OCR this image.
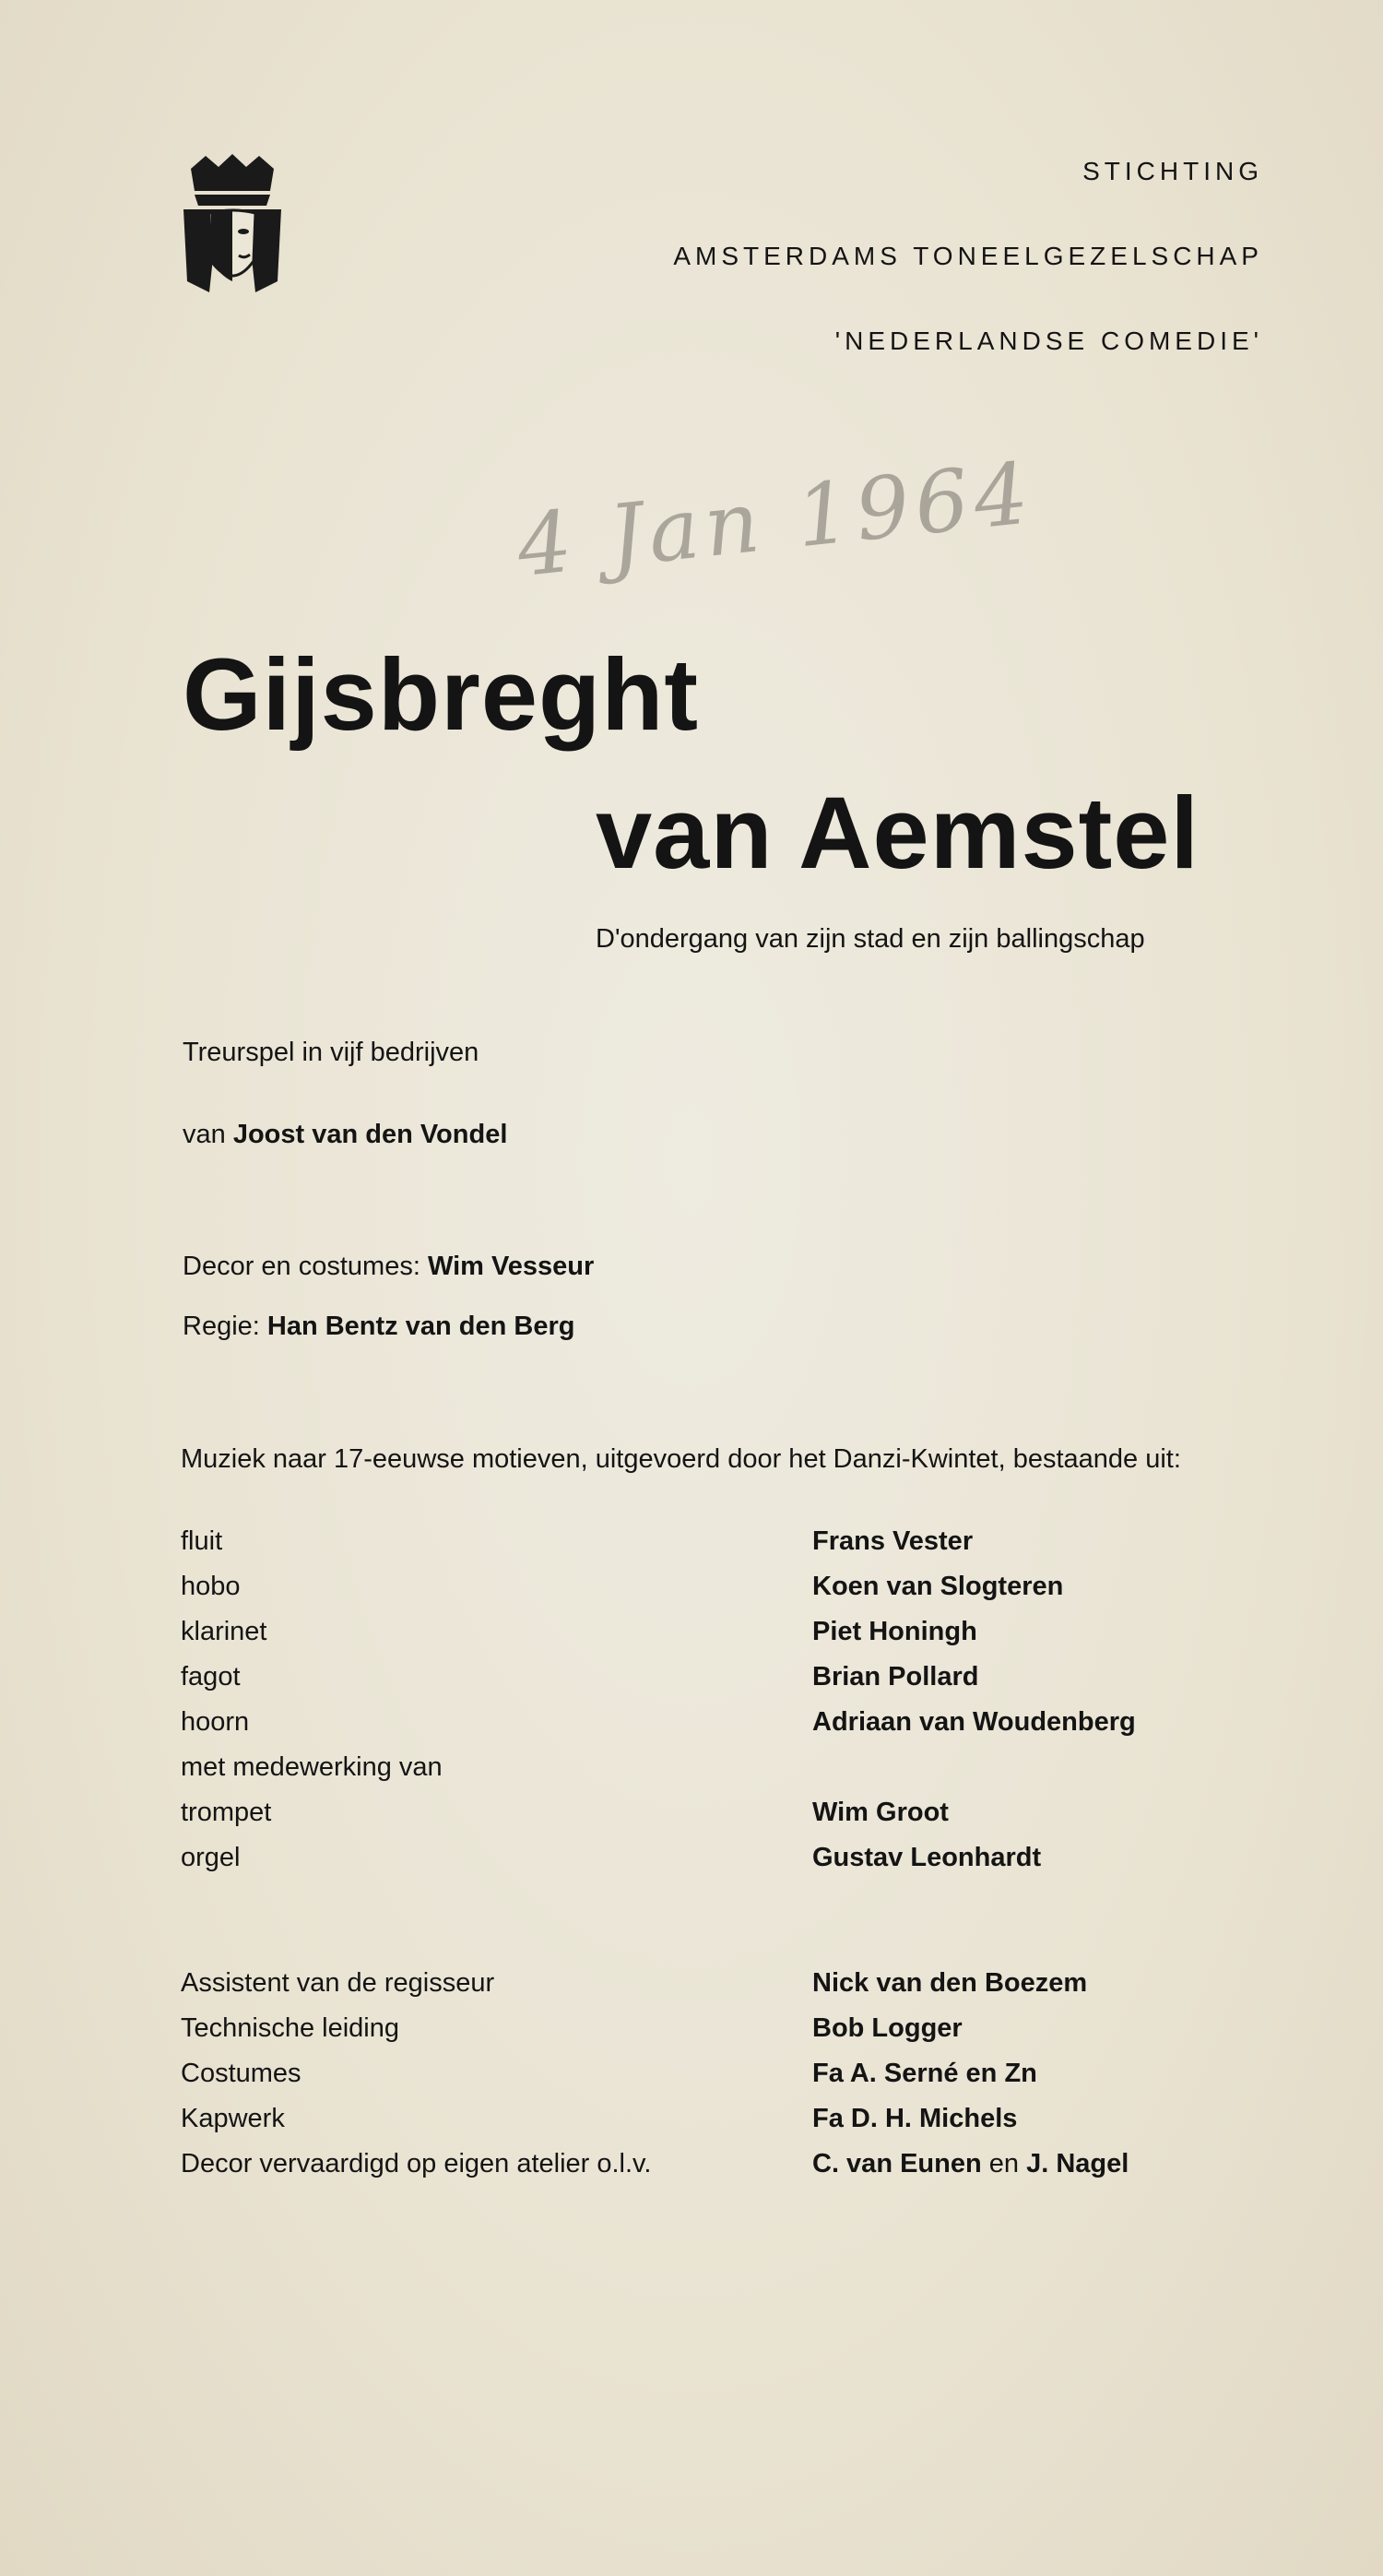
STICHTING
AMSTERDAMS TONEELGEZELSCHAP
'NEDERLANDSE COMEDIE'
4 Jan 1964
Gijsbreght
van Aemstel
D'ondergang van zijn stad en zijn ballingschap
Treurspel in vijf bedrijven
van Joost van den Vondel
Decor en costumes: Wim Vesseur
Regie: Han Bentz van den Berg
Muziek naar 17-eeuwse motieven, uitgevoerd door het Danzi-Kwintet, bestaande uit:
fluit	Frans Vester
hobo	Koen van Slogteren
klarinet	Piet Honingh
fagot	Brian Pollard
hoorn	Adriaan van Woudenberg
met medewerking van
trompet	Wim Groot
orgel	Gustav Leonhardt
Assistent van de regisseur	Nick van den Boezem
Technische leiding	Bob Logger
Costumes	Fa A. Serné en Zn
Kapwerk	Fa D. H. Michels
Decor vervaardigd op eigen atelier o.l.v.	C. van Eunen en J. Nagel
